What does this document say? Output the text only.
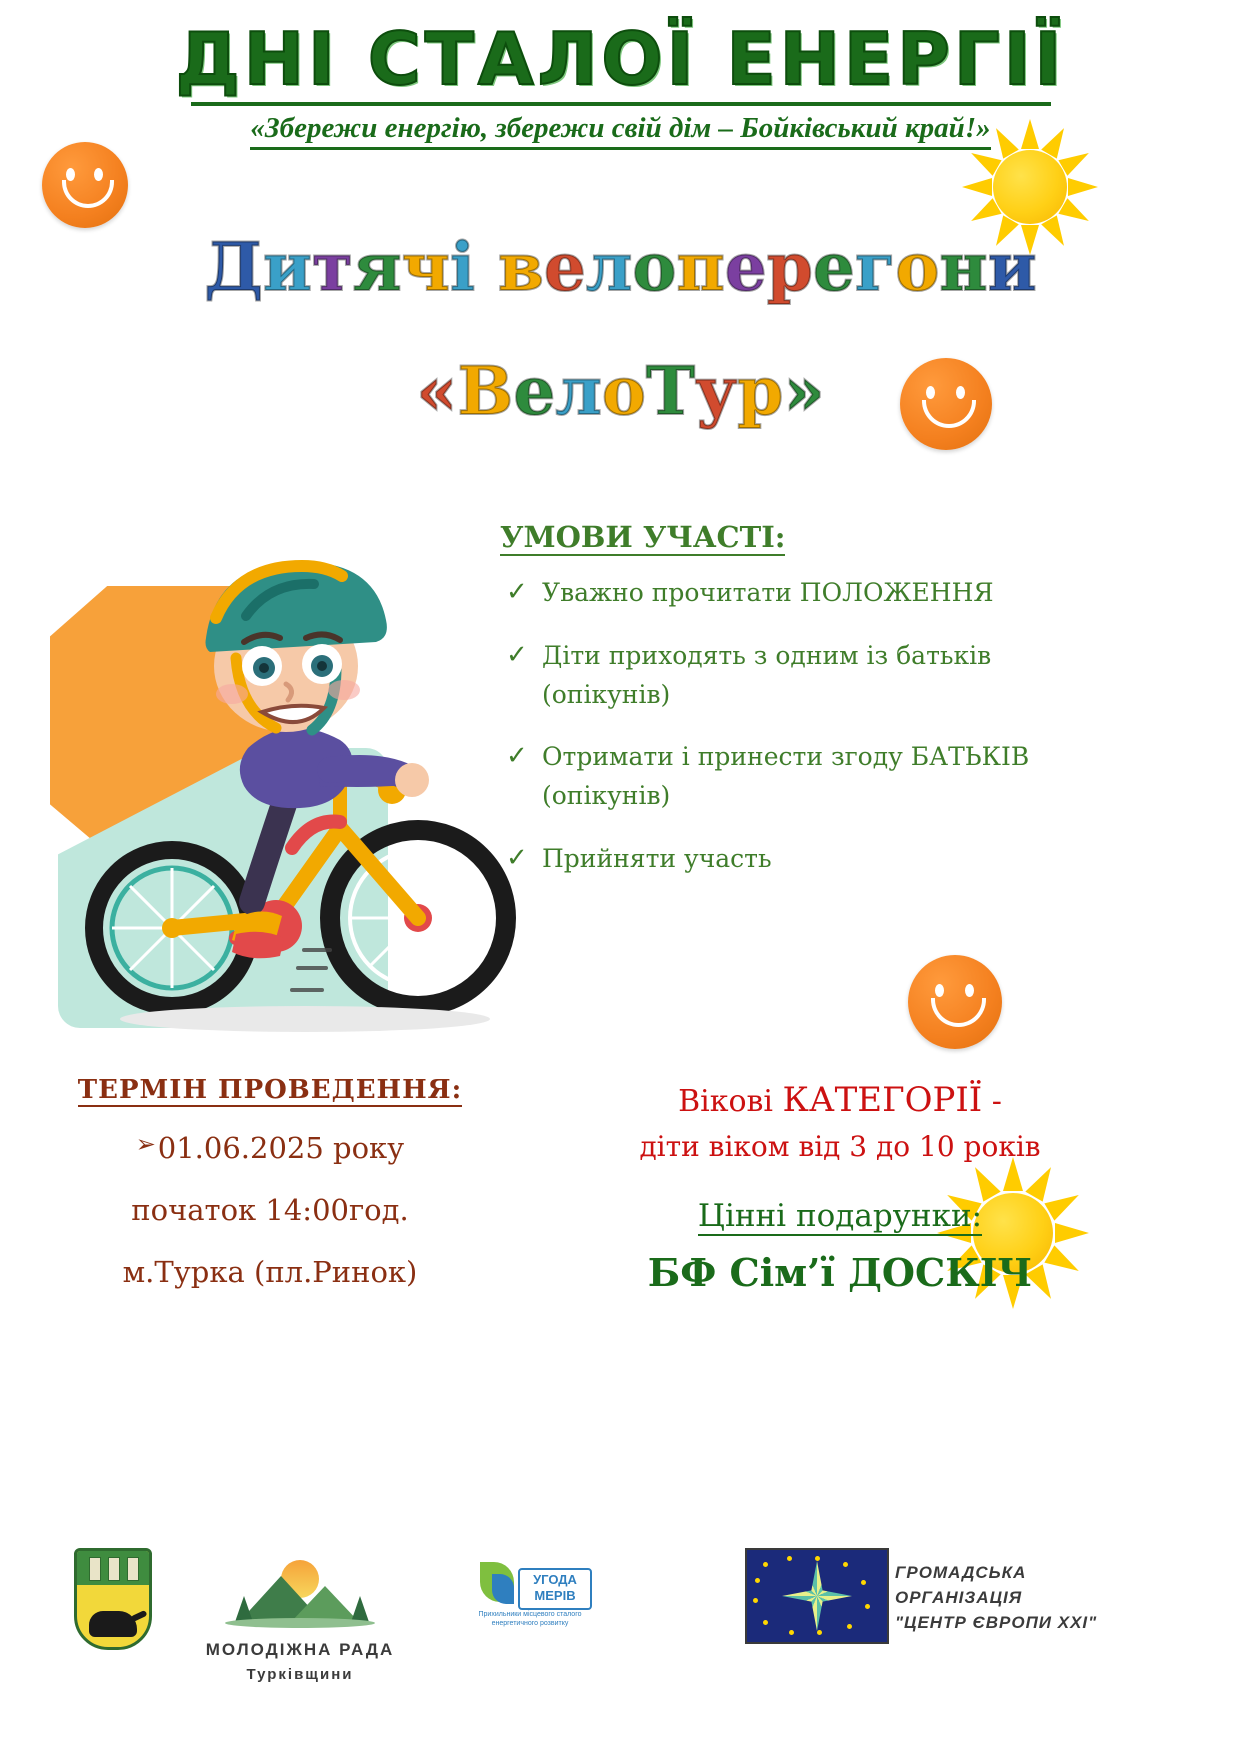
ДНІ СТАЛОЇ ЕНЕРГІЇ
«Збережи енергію, збережи свій дім – Бойківський край!»
Дитячі велоперегони
«ВелоТур»
УМОВИ УЧАСТІ:
✓ Уважно прочитати ПОЛОЖЕННЯ
✓ Діти приходять з одним із батьків (опікунів)
✓ Отримати і принести згоду БАТЬКІВ (опікунів)
✓ Прийняти участь
ТЕРМІН ПРОВЕДЕННЯ:
➢ 01.06.2025 року
початок 14:00год.
м.Турка (пл.Ринок)
Вікові КАТЕГОРІЇ -
діти віком від 3 до 10 років
Цінні подарунки:
БФ Сім’ї ДОСКІЧ
МОЛОДІЖНА РАДА
Турківщини
УГОДА
МЕРІВ
Прихильники місцевого сталого енергетичного розвитку
ГРОМАДСЬКА
ОРГАНІЗАЦІЯ
"ЦЕНТР ЄВРОПИ ХХІ"
